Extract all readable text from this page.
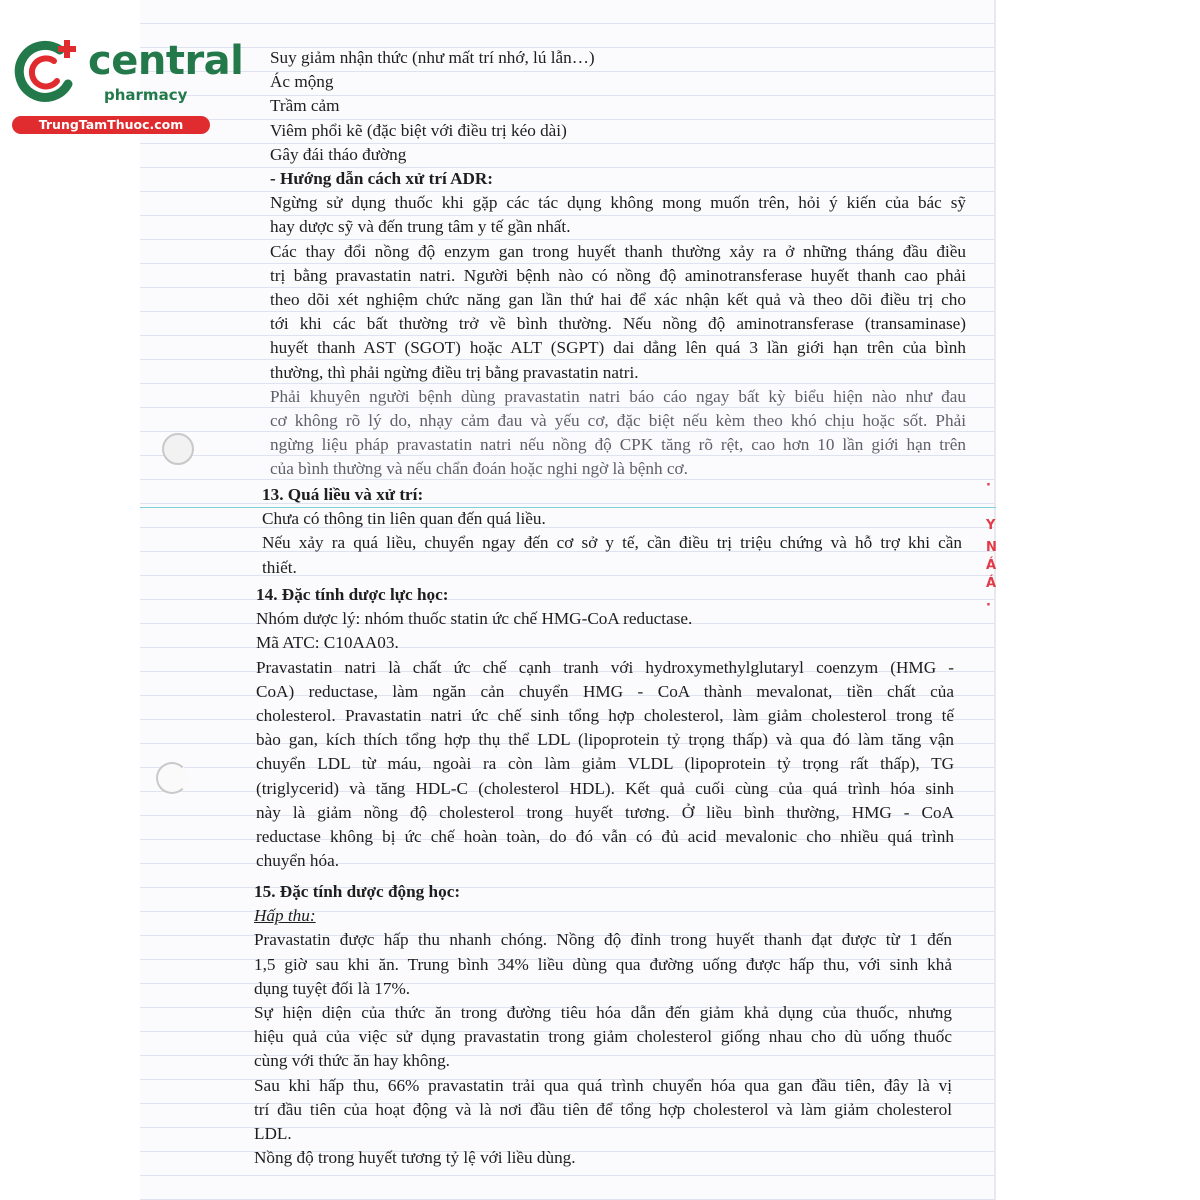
central
pharmacy
TrungTamThuoc.com
Suy giảm nhận thức (như mất trí nhớ, lú lẫn…)
Ác mộng
Trầm cảm
Viêm phổi kẽ (đặc biệt với điều trị kéo dài)
Gây đái tháo đường
- Hướng dẫn cách xử trí ADR:
Ngừng sử dụng thuốc khi gặp các tác dụng không mong muốn trên, hỏi ý kiến của bác sỹ
hay dược sỹ và đến trung tâm y tế gần nhất.
Các thay đổi nồng độ enzym gan trong huyết thanh thường xảy ra ở những tháng đầu điều
trị bằng pravastatin natri. Người bệnh nào có nồng độ aminotransferase huyết thanh cao phải
theo dõi xét nghiệm chức năng gan lần thứ hai để xác nhận kết quả và theo dõi điều trị cho
tới khi các bất thường trở về bình thường. Nếu nồng độ aminotransferase (transaminase)
huyết thanh AST (SGOT) hoặc ALT (SGPT) dai dẳng lên quá 3 lần giới hạn trên của bình
thường, thì phải ngừng điều trị bằng pravastatin natri.
Phải khuyên người bệnh dùng pravastatin natri báo cáo ngay bất kỳ biểu hiện nào như đau
cơ không rõ lý do, nhạy cảm đau và yếu cơ, đặc biệt nếu kèm theo khó chịu hoặc sốt. Phải
ngừng liệu pháp pravastatin natri nếu nồng độ CPK tăng rõ rệt, cao hơn 10 lần giới hạn trên
của bình thường và nếu chẩn đoán hoặc nghi ngờ là bệnh cơ.
13. Quá liều và xử trí:
Chưa có thông tin liên quan đến quá liều.
Nếu xảy ra quá liều, chuyển ngay đến cơ sở y tế, cần điều trị triệu chứng và hỗ trợ khi cần
thiết.
14. Đặc tính dược lực học:
Nhóm dược lý: nhóm thuốc statin ức chế HMG-CoA reductase.
Mã ATC: C10AA03.
Pravastatin natri là chất ức chế cạnh tranh với hydroxymethylglutaryl coenzym (HMG -
CoA) reductase, làm ngăn cản chuyển HMG - CoA thành mevalonat, tiền chất của
cholesterol. Pravastatin natri ức chế sinh tổng hợp cholesterol, làm giảm cholesterol trong tế
bào gan, kích thích tổng hợp thụ thể LDL (lipoprotein tỷ trọng thấp) và qua đó làm tăng vận
chuyển LDL từ máu, ngoài ra còn làm giảm VLDL (lipoprotein tỷ trọng rất thấp), TG
(triglycerid) và tăng HDL-C (cholesterol HDL). Kết quả cuối cùng của quá trình hóa sinh
này là giảm nồng độ cholesterol trong huyết tương. Ở liều bình thường, HMG - CoA
reductase không bị ức chế hoàn toàn, do đó vẫn có đủ acid mevalonic cho nhiều quá trình
chuyển hóa.
15. Đặc tính dược động học:
Hấp thu:
Pravastatin được hấp thu nhanh chóng. Nồng độ đỉnh trong huyết thanh đạt được từ 1 đến
1,5 giờ sau khi ăn. Trung bình 34% liều dùng qua đường uống được hấp thu, với sinh khả
dụng tuyệt đối là 17%.
Sự hiện diện của thức ăn trong đường tiêu hóa dẫn đến giảm khả dụng của thuốc, nhưng
hiệu quả của việc sử dụng pravastatin trong giảm cholesterol giống nhau cho dù uống thuốc
cùng với thức ăn hay không.
Sau khi hấp thu, 66% pravastatin trải qua quá trình chuyển hóa qua gan đầu tiên, đây là vị
trí đầu tiên của hoạt động và là nơi đầu tiên để tổng hợp cholesterol và làm giảm cholesterol
LDL.
Nồng độ trong huyết tương tỷ lệ với liều dùng.
·
Y
N
Á
Á
·
